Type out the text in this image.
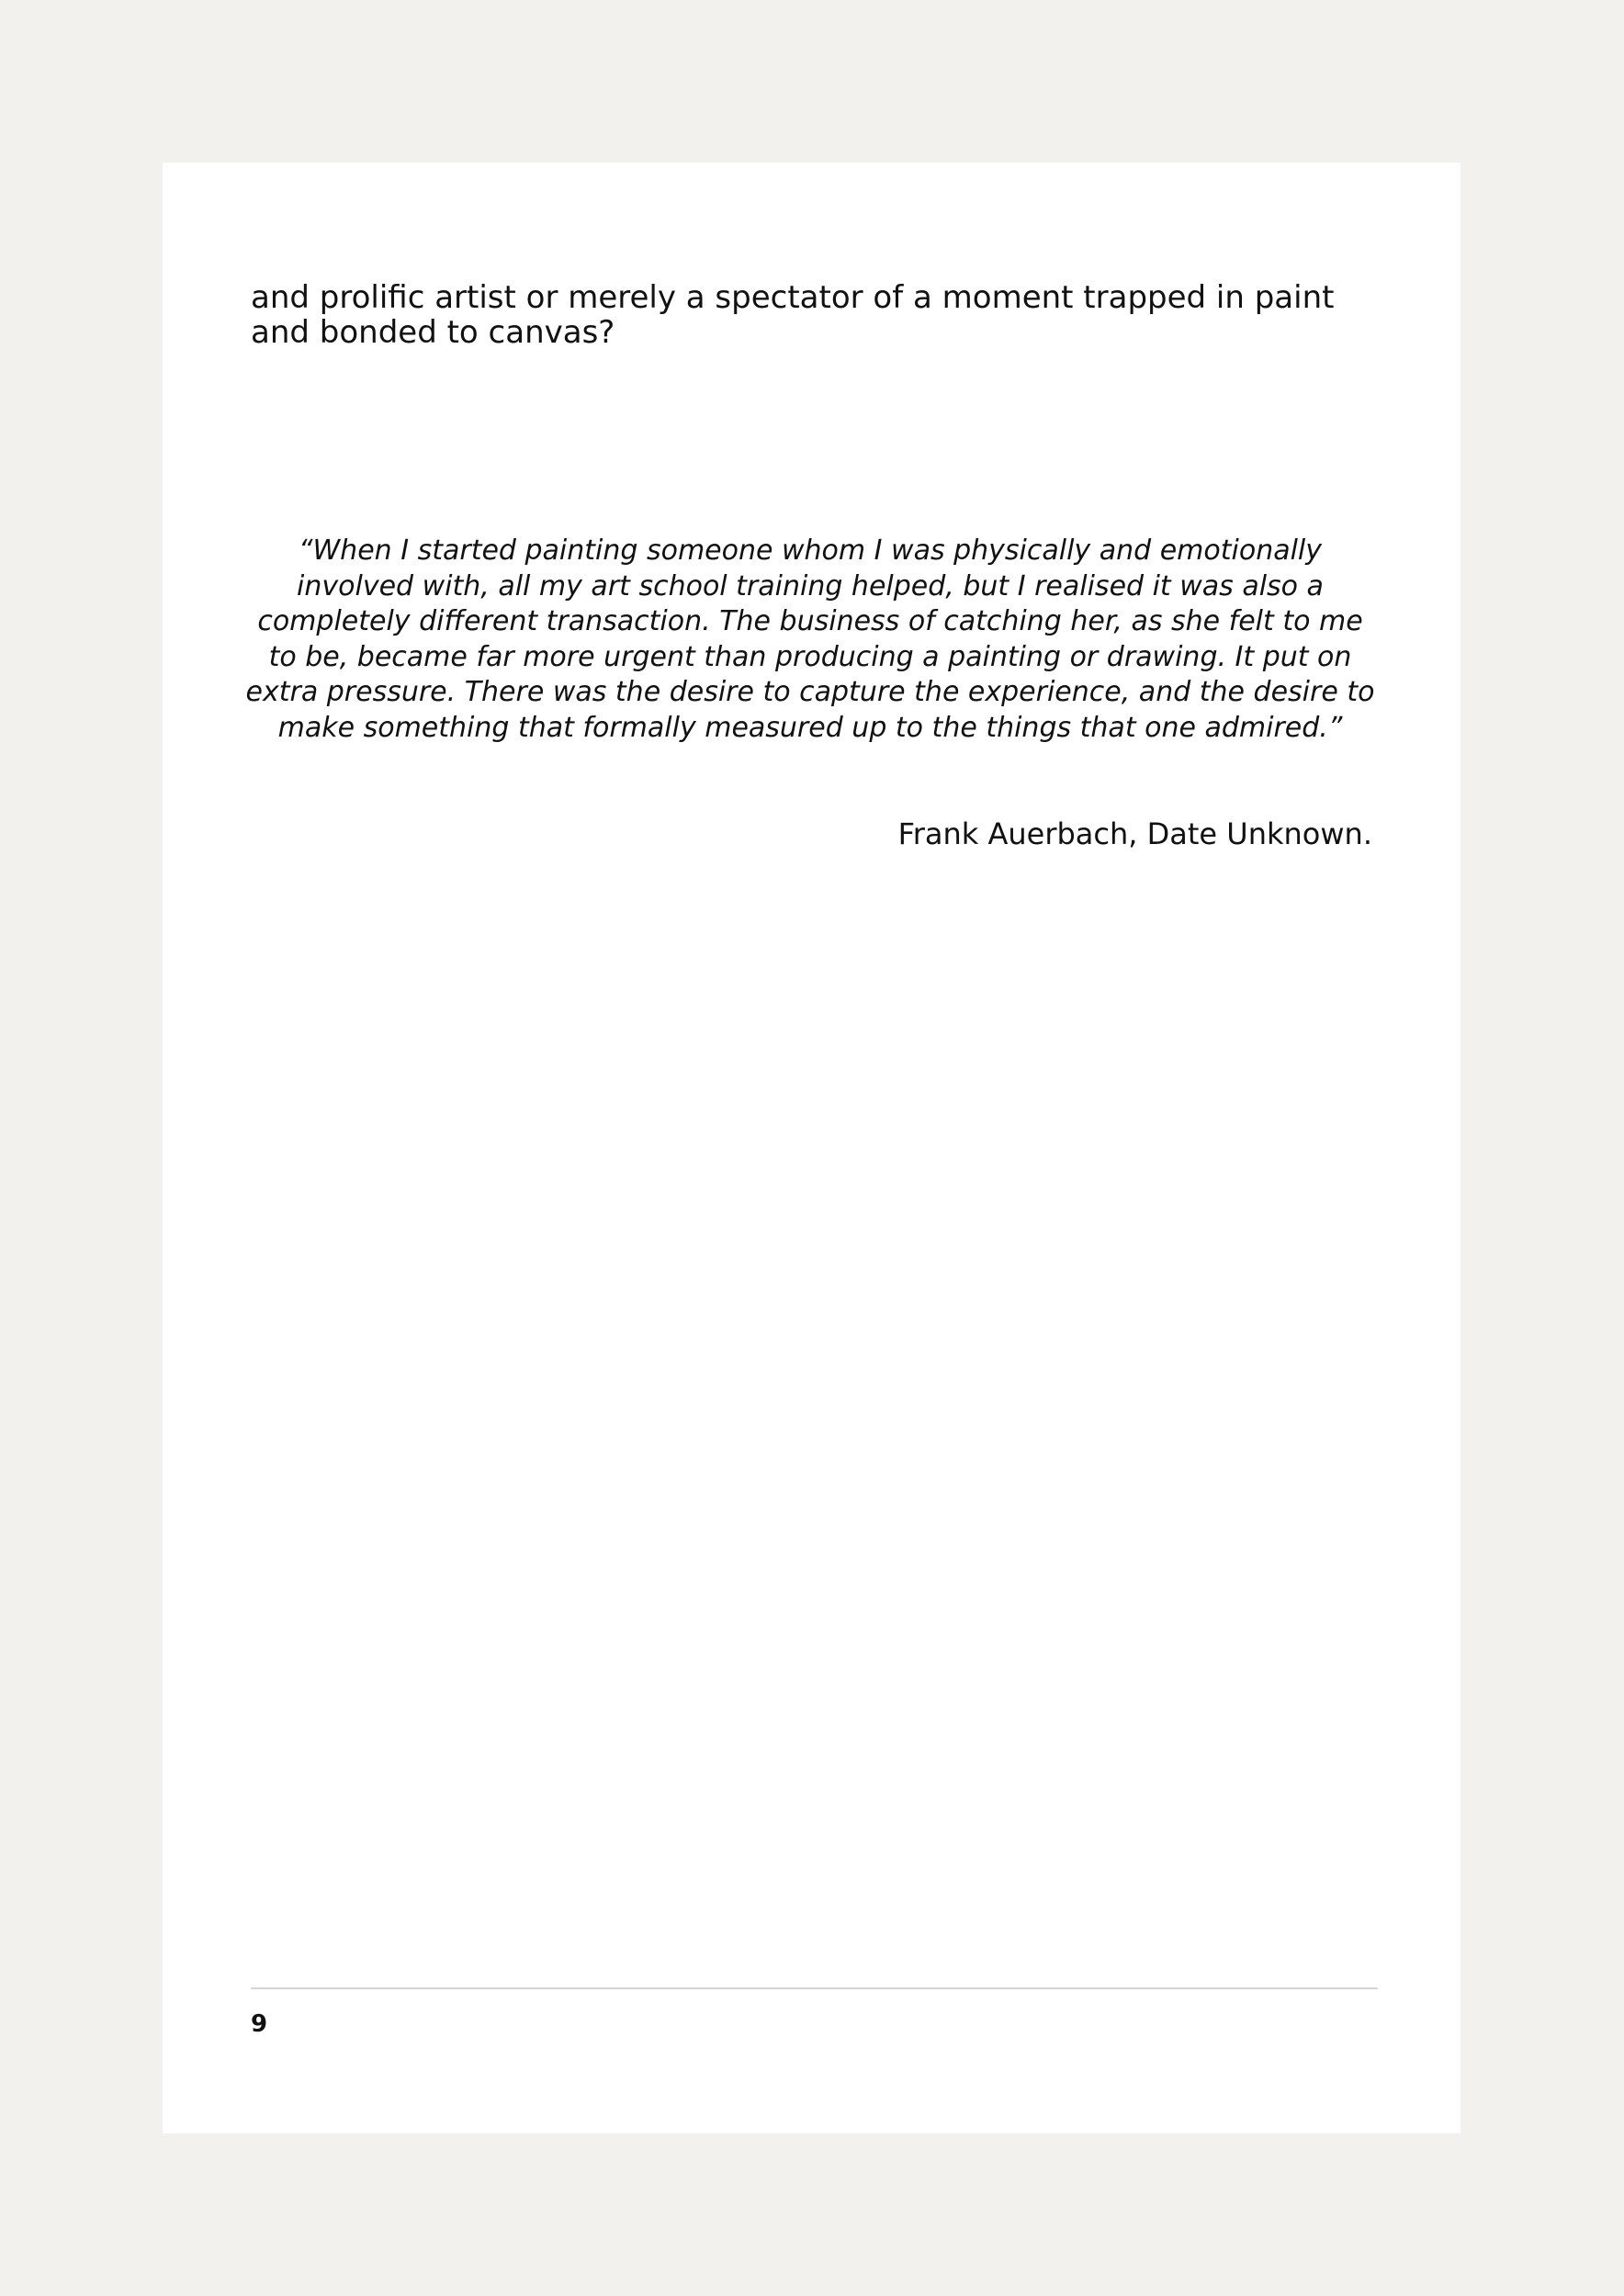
and prolific artist or merely a spectator of a moment trapped in paint and bonded to canvas?

“When I started painting someone whom I was physically and emotionally involved with, all my art school training helped, but I realised it was also a completely different transaction. The business of catching her, as she felt to me to be, became far more urgent than producing a painting or drawing. It put on extra pressure. There was the desire to capture the experience, and the desire to make something that formally measured up to the things that one admired.”

Frank Auerbach, Date Unknown.

9
